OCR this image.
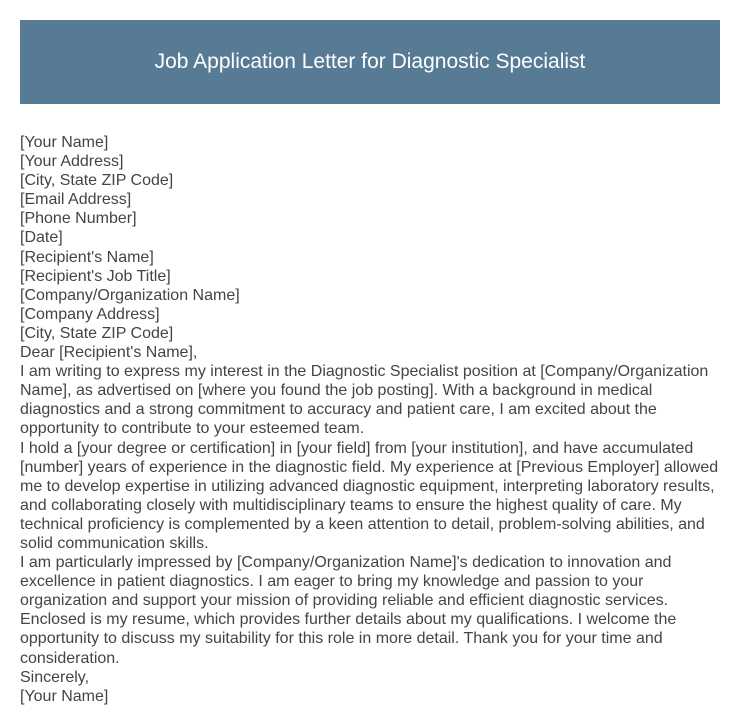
Job Application Letter for Diagnostic Specialist

[Your Name]

[Your Address]

[City, State ZIP Code]

[Email Address]

[Phone Number]

[Date]

[Recipient's Name]

[Recipient's Job Title]

[Company/Organization Name]

[Company Address]

[City, State ZIP Code]

Dear [Recipient's Name],

I am writing to express my interest in the Diagnostic Specialist position at [Company/Organization Name], as advertised on [where you found the job posting]. With a background in medical diagnostics and a strong commitment to accuracy and patient care, I am excited about the opportunity to contribute to your esteemed team.

I hold a [your degree or certification] in [your field] from [your institution], and have accumulated [number] years of experience in the diagnostic field. My experience at [Previous Employer] allowed me to develop expertise in utilizing advanced diagnostic equipment, interpreting laboratory results, and collaborating closely with multidisciplinary teams to ensure the highest quality of care. My technical proficiency is complemented by a keen attention to detail, problem-solving abilities, and solid communication skills.

I am particularly impressed by [Company/Organization Name]'s dedication to innovation and excellence in patient diagnostics. I am eager to bring my knowledge and passion to your organization and support your mission of providing reliable and efficient diagnostic services.

Enclosed is my resume, which provides further details about my qualifications. I welcome the opportunity to discuss my suitability for this role in more detail. Thank you for your time and consideration.

Sincerely,

[Your Name]
